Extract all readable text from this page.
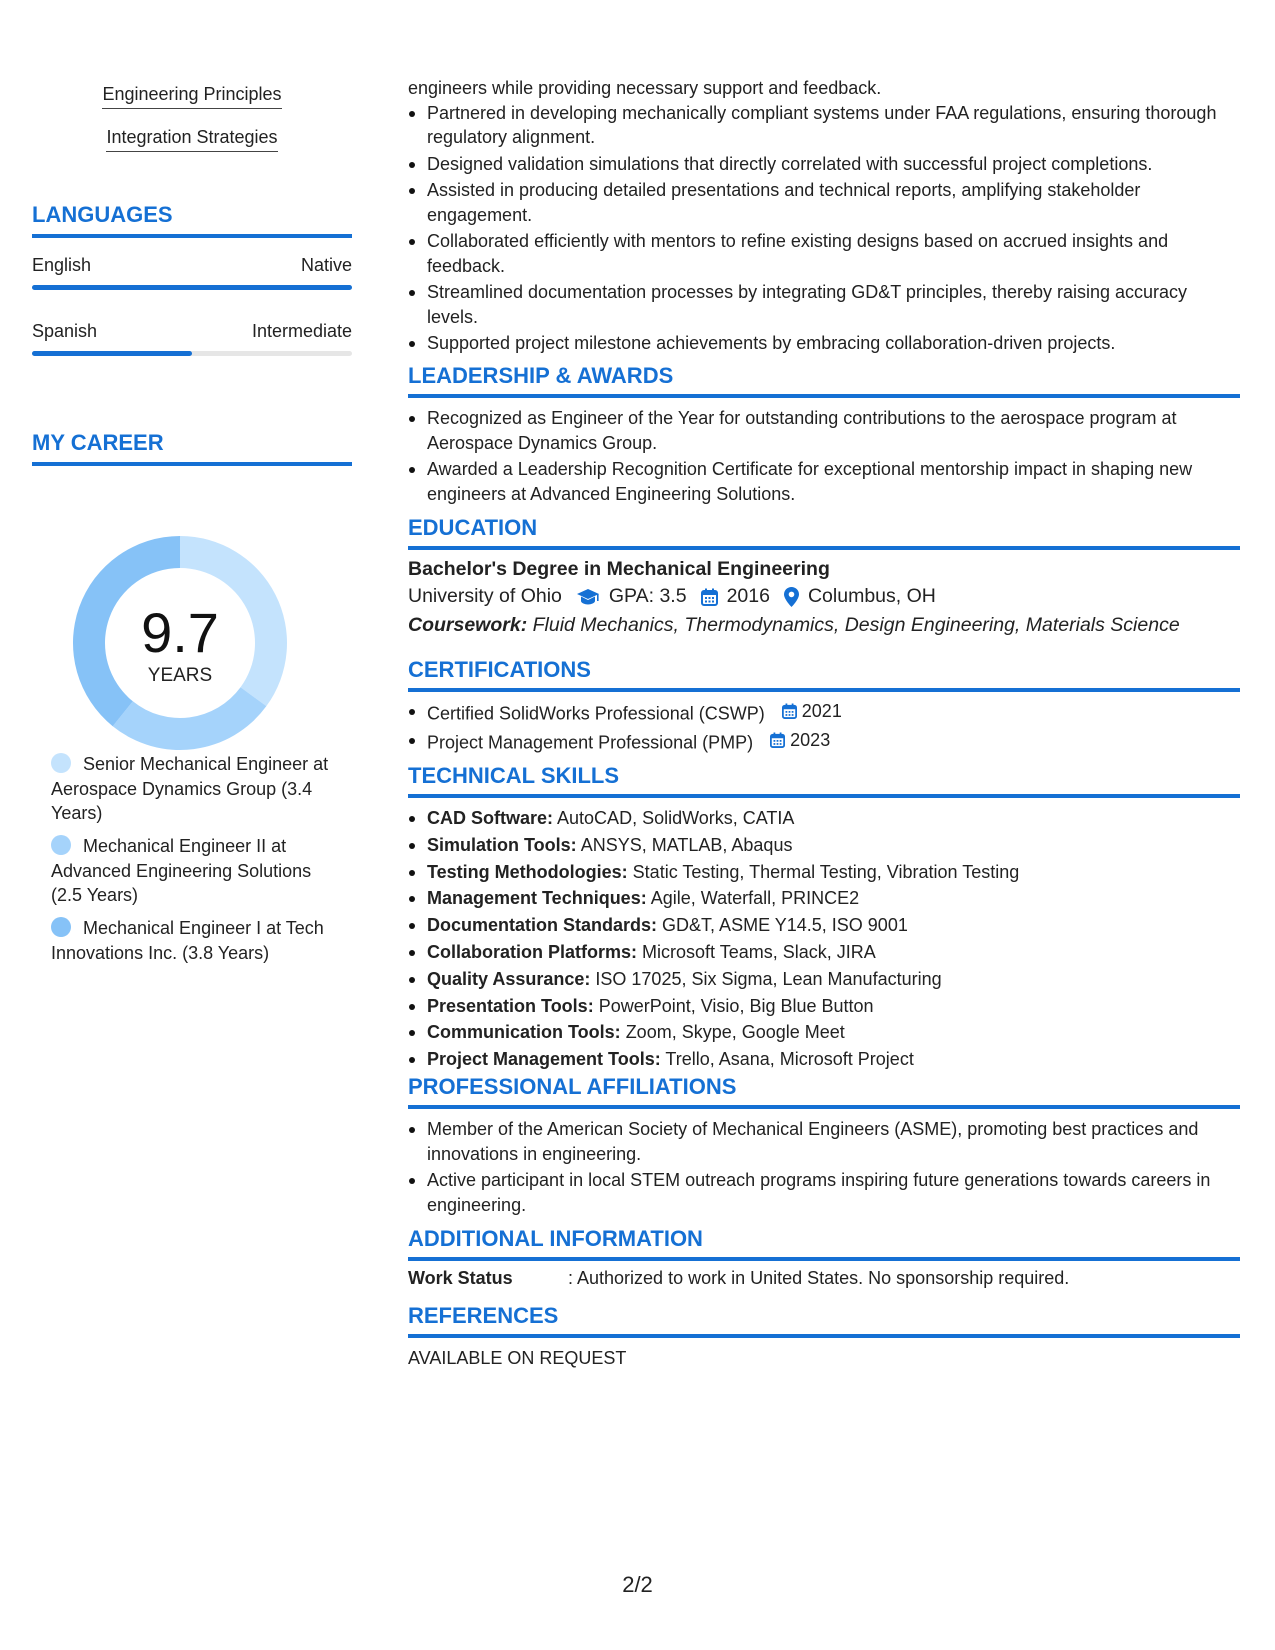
Engineering Principles
Integration Strategies
LANGUAGES
English	Native
Spanish	Intermediate
MY CAREER
9.7
YEARS
Senior Mechanical Engineer at Aerospace Dynamics Group (3.4 Years)
Mechanical Engineer II at Advanced Engineering Solutions (2.5 Years)
Mechanical Engineer I at Tech Innovations Inc. (3.8 Years)
engineers while providing necessary support and feedback.
Partnered in developing mechanically compliant systems under FAA regulations, ensuring thorough regulatory alignment.
Designed validation simulations that directly correlated with successful project completions.
Assisted in producing detailed presentations and technical reports, amplifying stakeholder engagement.
Collaborated efficiently with mentors to refine existing designs based on accrued insights and feedback.
Streamlined documentation processes by integrating GD&T principles, thereby raising accuracy levels.
Supported project milestone achievements by embracing collaboration-driven projects.
LEADERSHIP & AWARDS
Recognized as Engineer of the Year for outstanding contributions to the aerospace program at Aerospace Dynamics Group.
Awarded a Leadership Recognition Certificate for exceptional mentorship impact in shaping new engineers at Advanced Engineering Solutions.
EDUCATION
Bachelor's Degree in Mechanical Engineering
University of Ohio GPA: 3.5 2016 Columbus, OH
Coursework: Fluid Mechanics, Thermodynamics, Design Engineering, Materials Science
CERTIFICATIONS
Certified SolidWorks Professional (CSWP) 2021
Project Management Professional (PMP) 2023
TECHNICAL SKILLS
CAD Software: AutoCAD, SolidWorks, CATIA
Simulation Tools: ANSYS, MATLAB, Abaqus
Testing Methodologies: Static Testing, Thermal Testing, Vibration Testing
Management Techniques: Agile, Waterfall, PRINCE2
Documentation Standards: GD&T, ASME Y14.5, ISO 9001
Collaboration Platforms: Microsoft Teams, Slack, JIRA
Quality Assurance: ISO 17025, Six Sigma, Lean Manufacturing
Presentation Tools: PowerPoint, Visio, Big Blue Button
Communication Tools: Zoom, Skype, Google Meet
Project Management Tools: Trello, Asana, Microsoft Project
PROFESSIONAL AFFILIATIONS
Member of the American Society of Mechanical Engineers (ASME), promoting best practices and innovations in engineering.
Active participant in local STEM outreach programs inspiring future generations towards careers in engineering.
ADDITIONAL INFORMATION
Work Status	: Authorized to work in United States. No sponsorship required.
REFERENCES
AVAILABLE ON REQUEST
2/2
